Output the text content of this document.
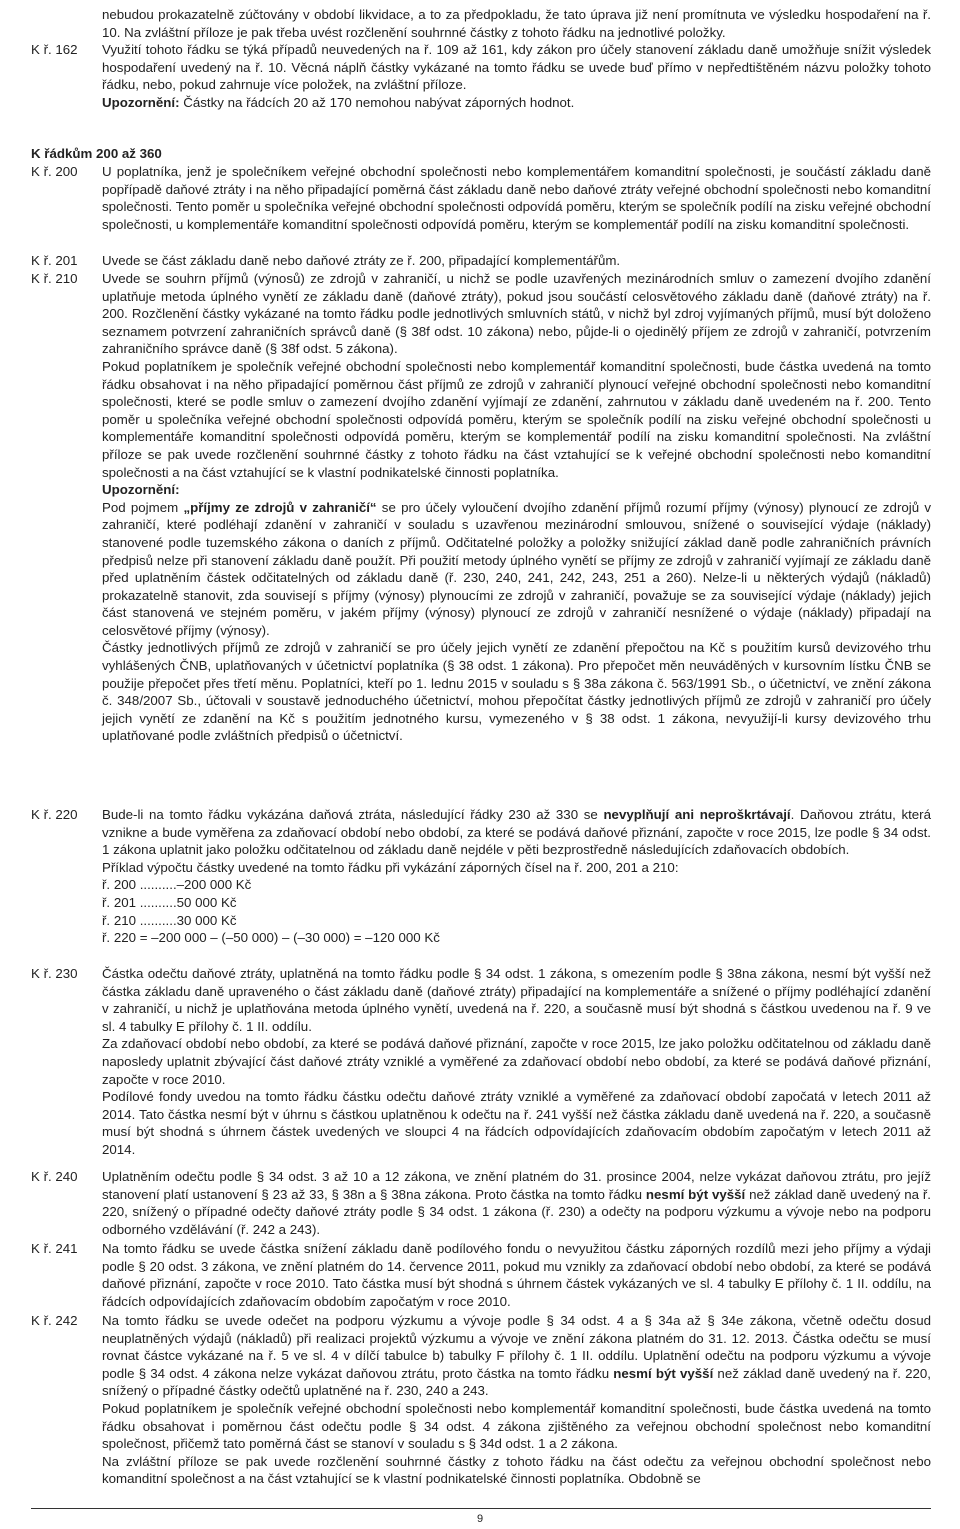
nebudou prokazatelně zúčtovány v období likvidace, a to za předpokladu, že tato úprava již není promítnuta ve výsledku hospodaření na ř. 10. Na zvláštní příloze je pak třeba uvést rozčlenění souhrnné částky z tohoto řádku na jednotlivé položky.

K ř. 162	Využití tohoto řádku se týká případů neuvedených na ř. 109 až 161, kdy zákon pro účely stanovení základu daně umožňuje snížit výsledek hospodaření uvedený na ř. 10. Věcná náplň částky vykázané na tomto řádku se uvede buď přímo v nepředtištěném názvu položky tohoto řádku, nebo, pokud zahrnuje více položek, na zvláštní příloze.

Upozornění: Částky na řádcích 20 až 170 nemohou nabývat záporných hodnot.

K řádkům 200 až 360
K ř. 200	U poplatníka, jenž je společníkem veřejné obchodní společnosti nebo komplementářem komanditní společnosti, je součástí základu daně popřípadě daňové ztráty i na něho připadající poměrná část základu daně nebo daňové ztráty veřejné obchodní společnosti nebo komanditní společnosti. Tento poměr u společníka veřejné obchodní společnosti odpovídá poměru, kterým se společník podílí na zisku veřejné obchodní společnosti, u komplementáře komanditní společnosti odpovídá poměru, kterým se komplementář podílí na zisku komanditní společnosti.

K ř. 201	Uvede se část základu daně nebo daňové ztráty ze ř. 200, připadající komplementářům.

K ř. 210	Uvede se souhrn příjmů (výnosů) ze zdrojů v zahraničí, u nichž se podle uzavřených mezinárodních smluv o zamezení dvojího zdanění uplatňuje metoda úplného vynětí ze základu daně (daňové ztráty), pokud jsou součástí celosvětového základu daně (daňové ztráty) na ř. 200. Rozčlenění částky vykázané na tomto řádku podle jednotlivých smluvních států, v nichž byl zdroj vyjímaných příjmů, musí být doloženo seznamem potvrzení zahraničních správců daně (§ 38f odst. 10 zákona) nebo, půjde-li o ojedinělý příjem ze zdrojů v zahraničí, potvrzením zahraničního správce daně (§ 38f odst. 5 zákona).

Pokud poplatníkem je společník veřejné obchodní společnosti nebo komplementář komanditní společnosti, bude částka uvedená na tomto řádku obsahovat i na něho připadající poměrnou část příjmů ze zdrojů v zahraničí plynoucí veřejné obchodní společnosti nebo komanditní společnosti, které se podle smluv o zamezení dvojího zdanění vyjímají ze zdanění, zahrnutou v základu daně uvedeném na ř. 200. Tento poměr u společníka veřejné obchodní společnosti odpovídá poměru, kterým se společník podílí na zisku veřejné obchodní společnosti u komplementáře komanditní společnosti odpovídá poměru, kterým se komplementář podílí na zisku komanditní společnosti. Na zvláštní příloze se pak uvede rozčlenění souhrnné částky z tohoto řádku na část vztahující se k veřejné obchodní společnosti nebo komanditní společnosti a na část vztahující se k vlastní podnikatelské činnosti poplatníka.

Upozornění:

Pod pojmem „příjmy ze zdrojů v zahraničí“ se pro účely vyloučení dvojího zdanění příjmů rozumí příjmy (výnosy) plynoucí ze zdrojů v zahraničí, které podléhají zdanění v zahraničí v souladu s uzavřenou mezinárodní smlouvou, snížené o související výdaje (náklady) stanovené podle tuzemského zákona o daních z příjmů. Odčitatelné položky a položky snižující základ daně podle zahraničních právních předpisů nelze při stanovení základu daně použít. Při použití metody úplného vynětí se příjmy ze zdrojů v zahraničí vyjímají ze základu daně před uplatněním částek odčitatelných od základu daně (ř. 230, 240, 241, 242, 243, 251 a 260). Nelze-li u některých výdajů (nákladů) prokazatelně stanovit, zda souvisejí s příjmy (výnosy) plynoucími ze zdrojů v zahraničí, považuje se za související výdaje (náklady) jejich část stanovená ve stejném poměru, v jakém příjmy (výnosy) plynoucí ze zdrojů v zahraničí nesnížené o výdaje (náklady) připadají na celosvětové příjmy (výnosy).

Částky jednotlivých příjmů ze zdrojů v zahraničí se pro účely jejich vynětí ze zdanění přepočtou na Kč s použitím kursů devizového trhu vyhlášených ČNB, uplatňovaných v účetnictví poplatníka (§ 38 odst. 1 zákona). Pro přepočet měn neuváděných v kursovním lístku ČNB se použije přepočet přes třetí měnu. Poplatníci, kteří po 1. lednu 2015 v souladu s § 38a zákona č. 563/1991 Sb., o účetnictví, ve znění zákona č. 348/2007 Sb., účtovali v soustavě jednoduchého účetnictví, mohou přepočítat částky jednotlivých příjmů ze zdrojů v zahraničí pro účely jejich vynětí ze zdanění na Kč s použitím jednotného kursu, vymezeného v § 38 odst. 1 zákona, nevyužijí-li kursy devizového trhu uplatňované podle zvláštních předpisů o účetnictví.

K ř. 220	Bude-li na tomto řádku vykázána daňová ztráta, následující řádky 230 až 330 se nevyplňují ani neproškrtávají. Daňovou ztrátu, která vznikne a bude vyměřena za zdaňovací období nebo období, za které se podává daňové přiznání, započte v roce 2015, lze podle § 34 odst. 1 zákona uplatnit jako položku odčitatelnou od základu daně nejdéle v pěti bezprostředně následujících zdaňovacích obdobích.

Příklad výpočtu částky uvedené na tomto řádku při vykázání záporných čísel na ř. 200, 201 a 210:

ř. 200 ..........–200 000 Kč
ř. 201 ..........50 000 Kč
ř. 210 ..........30 000 Kč
ř. 220 = –200 000 – (–50 000) – (–30 000) = –120 000 Kč

K ř. 230	Částka odečtu daňové ztráty, uplatněná na tomto řádku podle § 34 odst. 1 zákona, s omezením podle § 38na zákona, nesmí být vyšší než částka základu daně upraveného o část základu daně (daňové ztráty) připadající na komplementáře a snížené o příjmy podléhající zdanění v zahraničí, u nichž je uplatňována metoda úplného vynětí, uvedená na ř. 220, a současně musí být shodná s částkou uvedenou na ř. 9 ve sl. 4 tabulky E přílohy č. 1 II. oddílu.

Za zdaňovací období nebo období, za které se podává daňové přiznání, započte v roce 2015, lze jako položku odčitatelnou od základu daně naposledy uplatnit zbývající část daňové ztráty vzniklé a vyměřené za zdaňovací období nebo období, za které se podává daňové přiznání, započte v roce 2010.

Podílové fondy uvedou na tomto řádku částku odečtu daňové ztráty vzniklé a vyměřené za zdaňovací období započatá v letech 2011 až 2014. Tato částka nesmí být v úhrnu s částkou uplatněnou k odečtu na ř. 241 vyšší než částka základu daně uvedená na ř. 220, a současně musí být shodná s úhrnem částek uvedených ve sloupci 4 na řádcích odpovídajících zdaňovacím obdobím započatým v letech 2011 až 2014.

K ř. 240	Uplatněním odečtu podle § 34 odst. 3 až 10 a 12 zákona, ve znění platném do 31. prosince 2004, nelze vykázat daňovou ztrátu, pro jejíž stanovení platí ustanovení § 23 až 33, § 38n a § 38na zákona. Proto částka na tomto řádku nesmí být vyšší než základ daně uvedený na ř. 220, snížený o případné odečty daňové ztráty podle § 34 odst. 1 zákona (ř. 230) a odečty na podporu výzkumu a vývoje nebo na podporu odborného vzdělávání (ř. 242 a 243).

K ř. 241	Na tomto řádku se uvede částka snížení základu daně podílového fondu o nevyužitou částku záporných rozdílů mezi jeho příjmy a výdaji podle § 20 odst. 3 zákona, ve znění platném do 14. července 2011, pokud mu vznikly za zdaňovací období nebo období, za které se podává daňové přiznání, započte v roce 2010. Tato částka musí být shodná s úhrnem částek vykázaných ve sl. 4 tabulky E přílohy č. 1 II. oddílu, na řádcích odpovídajících zdaňovacím obdobím započatým v roce 2010.

K ř. 242	Na tomto řádku se uvede odečet na podporu výzkumu a vývoje podle § 34 odst. 4 a § 34a až § 34e zákona, včetně odečtu dosud neuplatněných výdajů (nákladů) při realizaci projektů výzkumu a vývoje ve znění zákona platném do 31. 12. 2013. Částka odečtu se musí rovnat částce vykázané na ř. 5 ve sl. 4 v dílčí tabulce b) tabulky F přílohy č. 1 II. oddílu. Uplatnění odečtu na podporu výzkumu a vývoje podle § 34 odst. 4 zákona nelze vykázat daňovou ztrátu, proto částka na tomto řádku nesmí být vyšší než základ daně uvedený na ř. 220, snížený o případné částky odečtů uplatněné na ř. 230, 240 a 243.

Pokud poplatníkem je společník veřejné obchodní společnosti nebo komplementář komanditní společnosti, bude částka uvedená na tomto řádku obsahovat i poměrnou část odečtu podle § 34 odst. 4 zákona zjištěného za veřejnou obchodní společnost nebo komanditní společnost, přičemž tato poměrná část se stanoví v souladu s § 34d odst. 1 a 2 zákona.

Na zvláštní příloze se pak uvede rozčlenění souhrnné částky z tohoto řádku na část odečtu za veřejnou obchodní společnost nebo komanditní společnost a na část vztahující se k vlastní podnikatelské činnosti poplatníka. Obdobně se

9
